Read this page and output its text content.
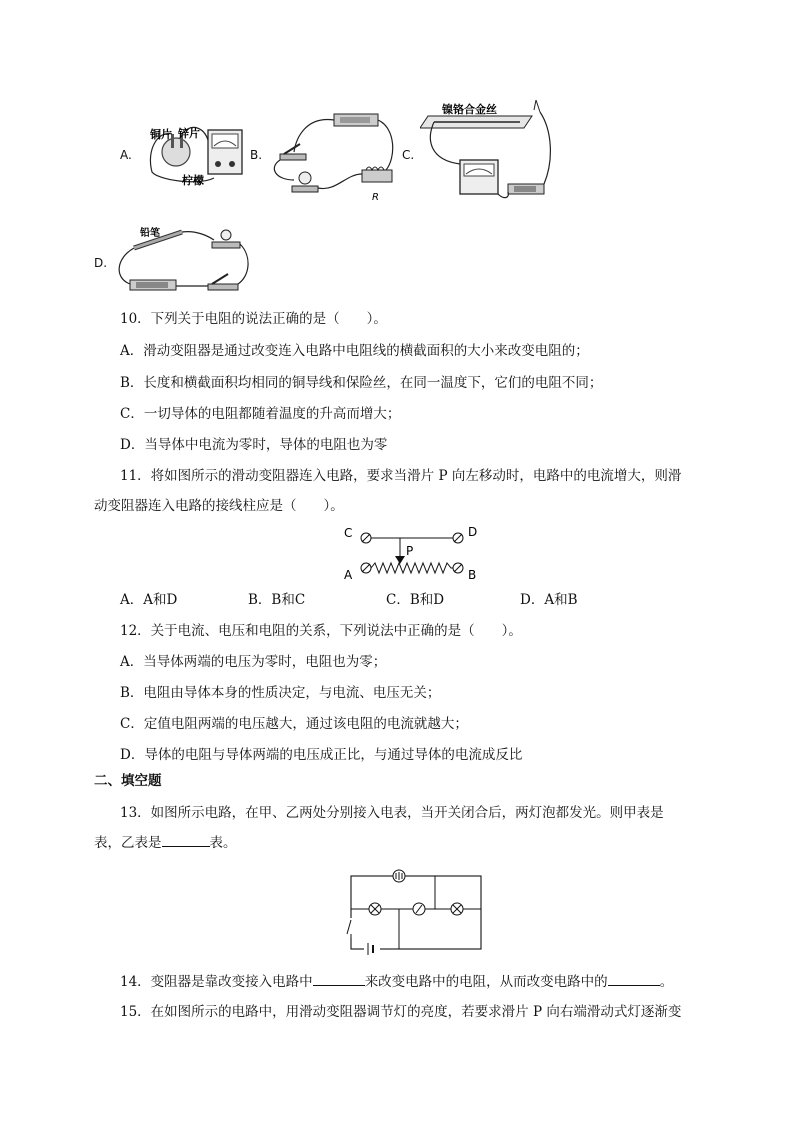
A.
铜片 锌片
柠檬
B.
R
C.
镍铬合金丝
D.
铅笔
10．下列关于电阻的说法正确的是（　　）。
A．滑动变阻器是通过改变连入电路中电阻线的横截面积的大小来改变电阻的；
B．长度和横截面积均相同的铜导线和保险丝，在同一温度下，它们的电阻不同；
C．一切导体的电阻都随着温度的升高而增大；
D．当导体中电流为零时，导体的电阻也为零
11．将如图所示的滑动变阻器连入电路，要求当滑片 P 向左移动时，电路中的电流增大，则滑
动变阻器连入电路的接线柱应是（　　）。
C	D
P
A	B
A．A和D	B．B和C	C．B和D	D．A和B
12．关于电流、电压和电阻的关系，下列说法中正确的是（　　）。
A．当导体两端的电压为零时，电阻也为零；
B．电阻由导体本身的性质决定，与电流、电压无关；
C．定值电阻两端的电压越大，通过该电阻的电流就越大；
D．导体的电阻与导体两端的电压成正比，与通过导体的电流成反比
二、填空题
13．如图所示电路，在甲、乙两处分别接入电表，当开关闭合后，两灯泡都发光。则甲表是
表，乙表是	表。
14．变阻器是靠改变接入电路中	来改变电路中的电阻，从而改变电路中的	。
15．在如图所示的电路中，用滑动变阻器调节灯的亮度，若要求滑片 P 向右端滑动式灯逐渐变
